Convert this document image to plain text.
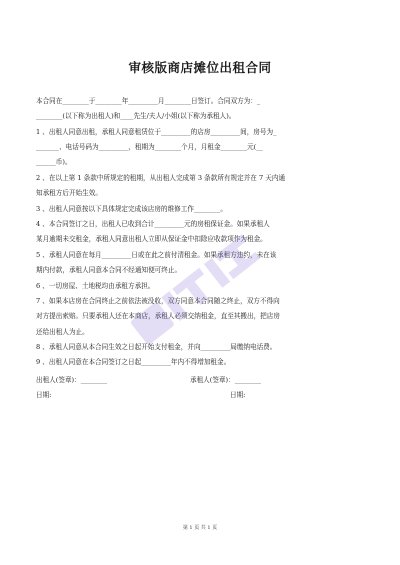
审核版商店摊位出租合同
本合同在________于________年_________月________日签订。合同双方为：_
________(以下称为出租人)和____先生/夫人/小姐(以下称为承租人)。
1 、出租人同意出租，承租人同意租赁位于_________的店房_________间，房号为_
_______、电话号码为_________，租期为________个月，月租金________元(__
______币)。
2 、在以上第 1 条款中所规定的租期，从出租人完成第 3 条款所有规定并在 7 天内通
知承租方后开始生效。
3 、出租人同意按以下具体规定完成该店房的维修工作________。
4 、本合同签订之日，出租人已收到合计_________元的房租保证金。如果承租人
某月逾期未交租金，承租人同意出租人立即从保证金中扣除应收款项作为租金。
5 、承租人同意在每月_________日或在此之前付清租金。如果承租方违约，未在该
期内付款，承租人同意本合同不经通知便可终止。
6 、一切房屋、土地税均由承租方承担。
7 、如果本店房在合同终止之前依法被没收，双方同意本合同随之终止，双方不得向
对方提出索赔。只要承租人还在本商店，承租人必须交纳租金，直至其搬出，把店房
还给出租人为止。
8 、承租人同意从本合同生效之日起开始支付租金，并向_________局缴纳电话费。
9 、出租人同意在本合同签订之日起_________年内不得增加租金。
出租人(签章)：________	承租人(签章)：________
日期:	日期:
第 1 页 共 1 页
